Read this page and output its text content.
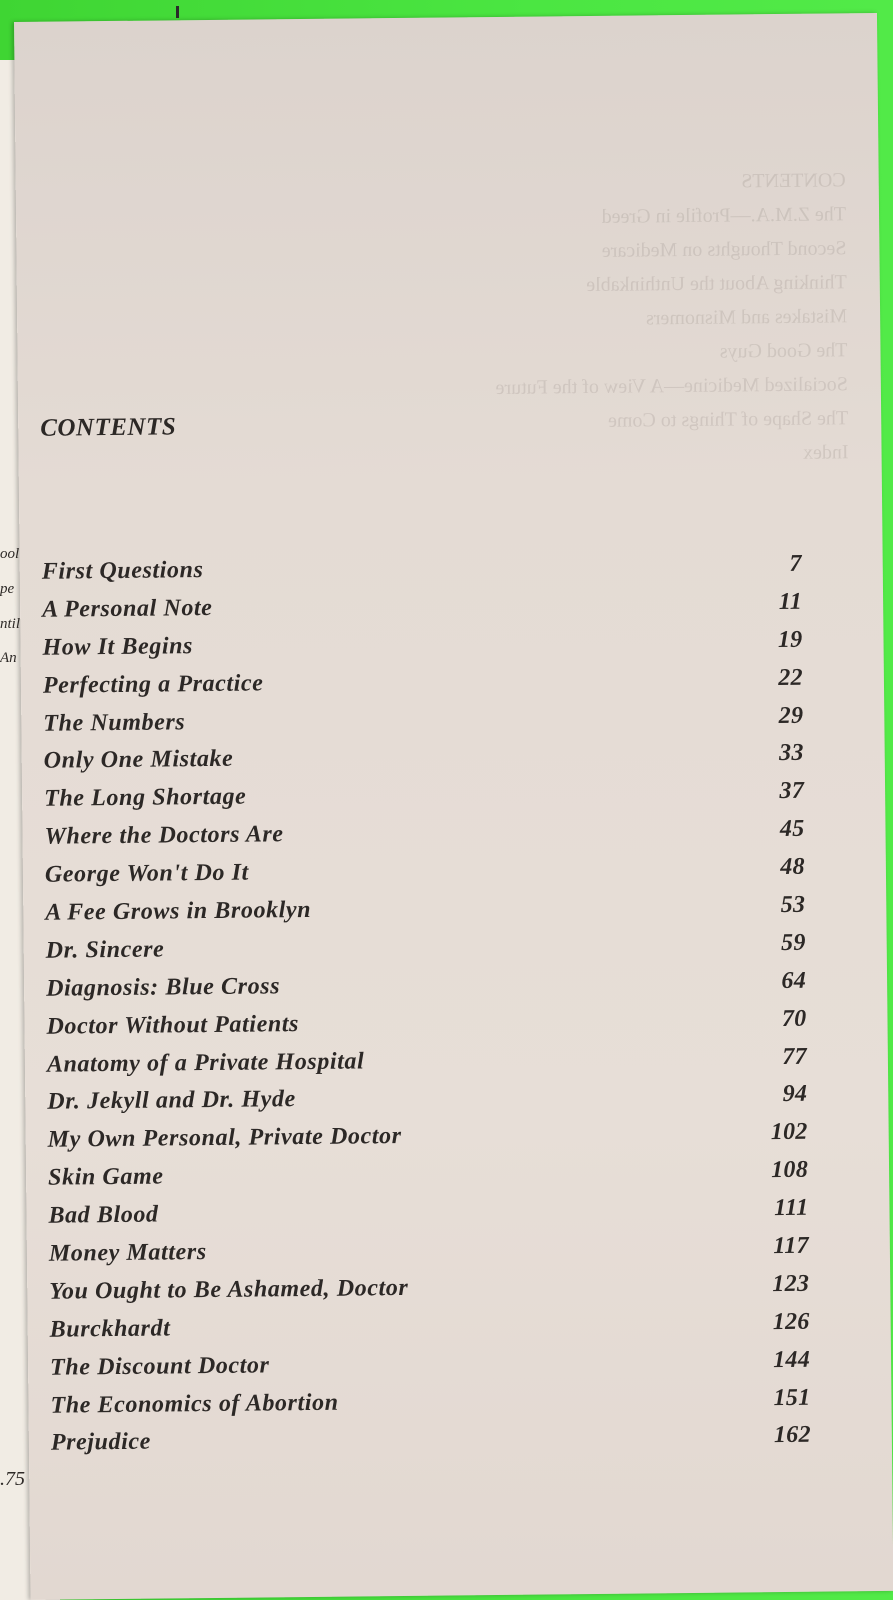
ool
pe
ntil
An
.75
CONTENTS
The Z.M.A.—Profile in Greed
Second Thoughts on Medicare
Thinking About the Unthinkable
Mistakes and Misnomers
The Good Guys
Socialized Medicine—A View of the Future
The Shape of Things to Come
Index
CONTENTS
First Questions	7
A Personal Note	11
How It Begins	19
Perfecting a Practice	22
The Numbers	29
Only One Mistake	33
The Long Shortage	37
Where the Doctors Are	45
George Won't Do It	48
A Fee Grows in Brooklyn	53
Dr. Sincere	59
Diagnosis: Blue Cross	64
Doctor Without Patients	70
Anatomy of a Private Hospital	77
Dr. Jekyll and Dr. Hyde	94
My Own Personal, Private Doctor	102
Skin Game	108
Bad Blood	111
Money Matters	117
You Ought to Be Ashamed, Doctor	123
Burckhardt	126
The Discount Doctor	144
The Economics of Abortion	151
Prejudice	162
